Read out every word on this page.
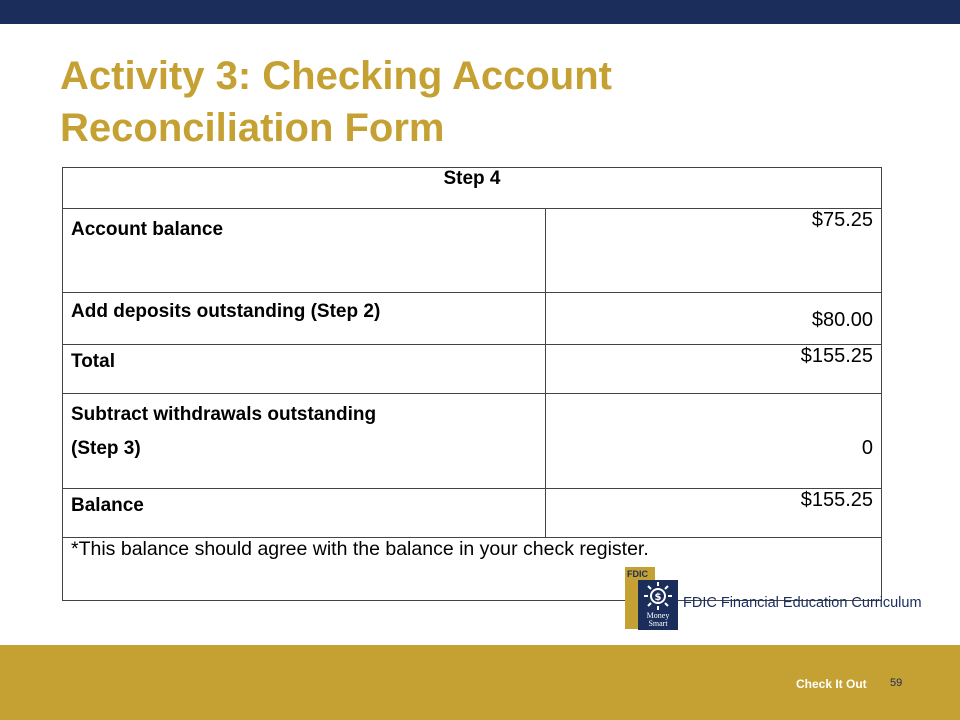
Activity 3: Checking Account
Reconciliation Form
Step 4	
Account balance	$75.25
Add deposits outstanding (Step 2)	$80.00
Total	$155.25
Subtract withdrawals outstanding
(Step 3)	0
Balance	$155.25
*This balance should agree with the balance in your check register.	
FDIC
$
Money
Smart
FDIC Financial Education Curriculum
Check It Out 59
